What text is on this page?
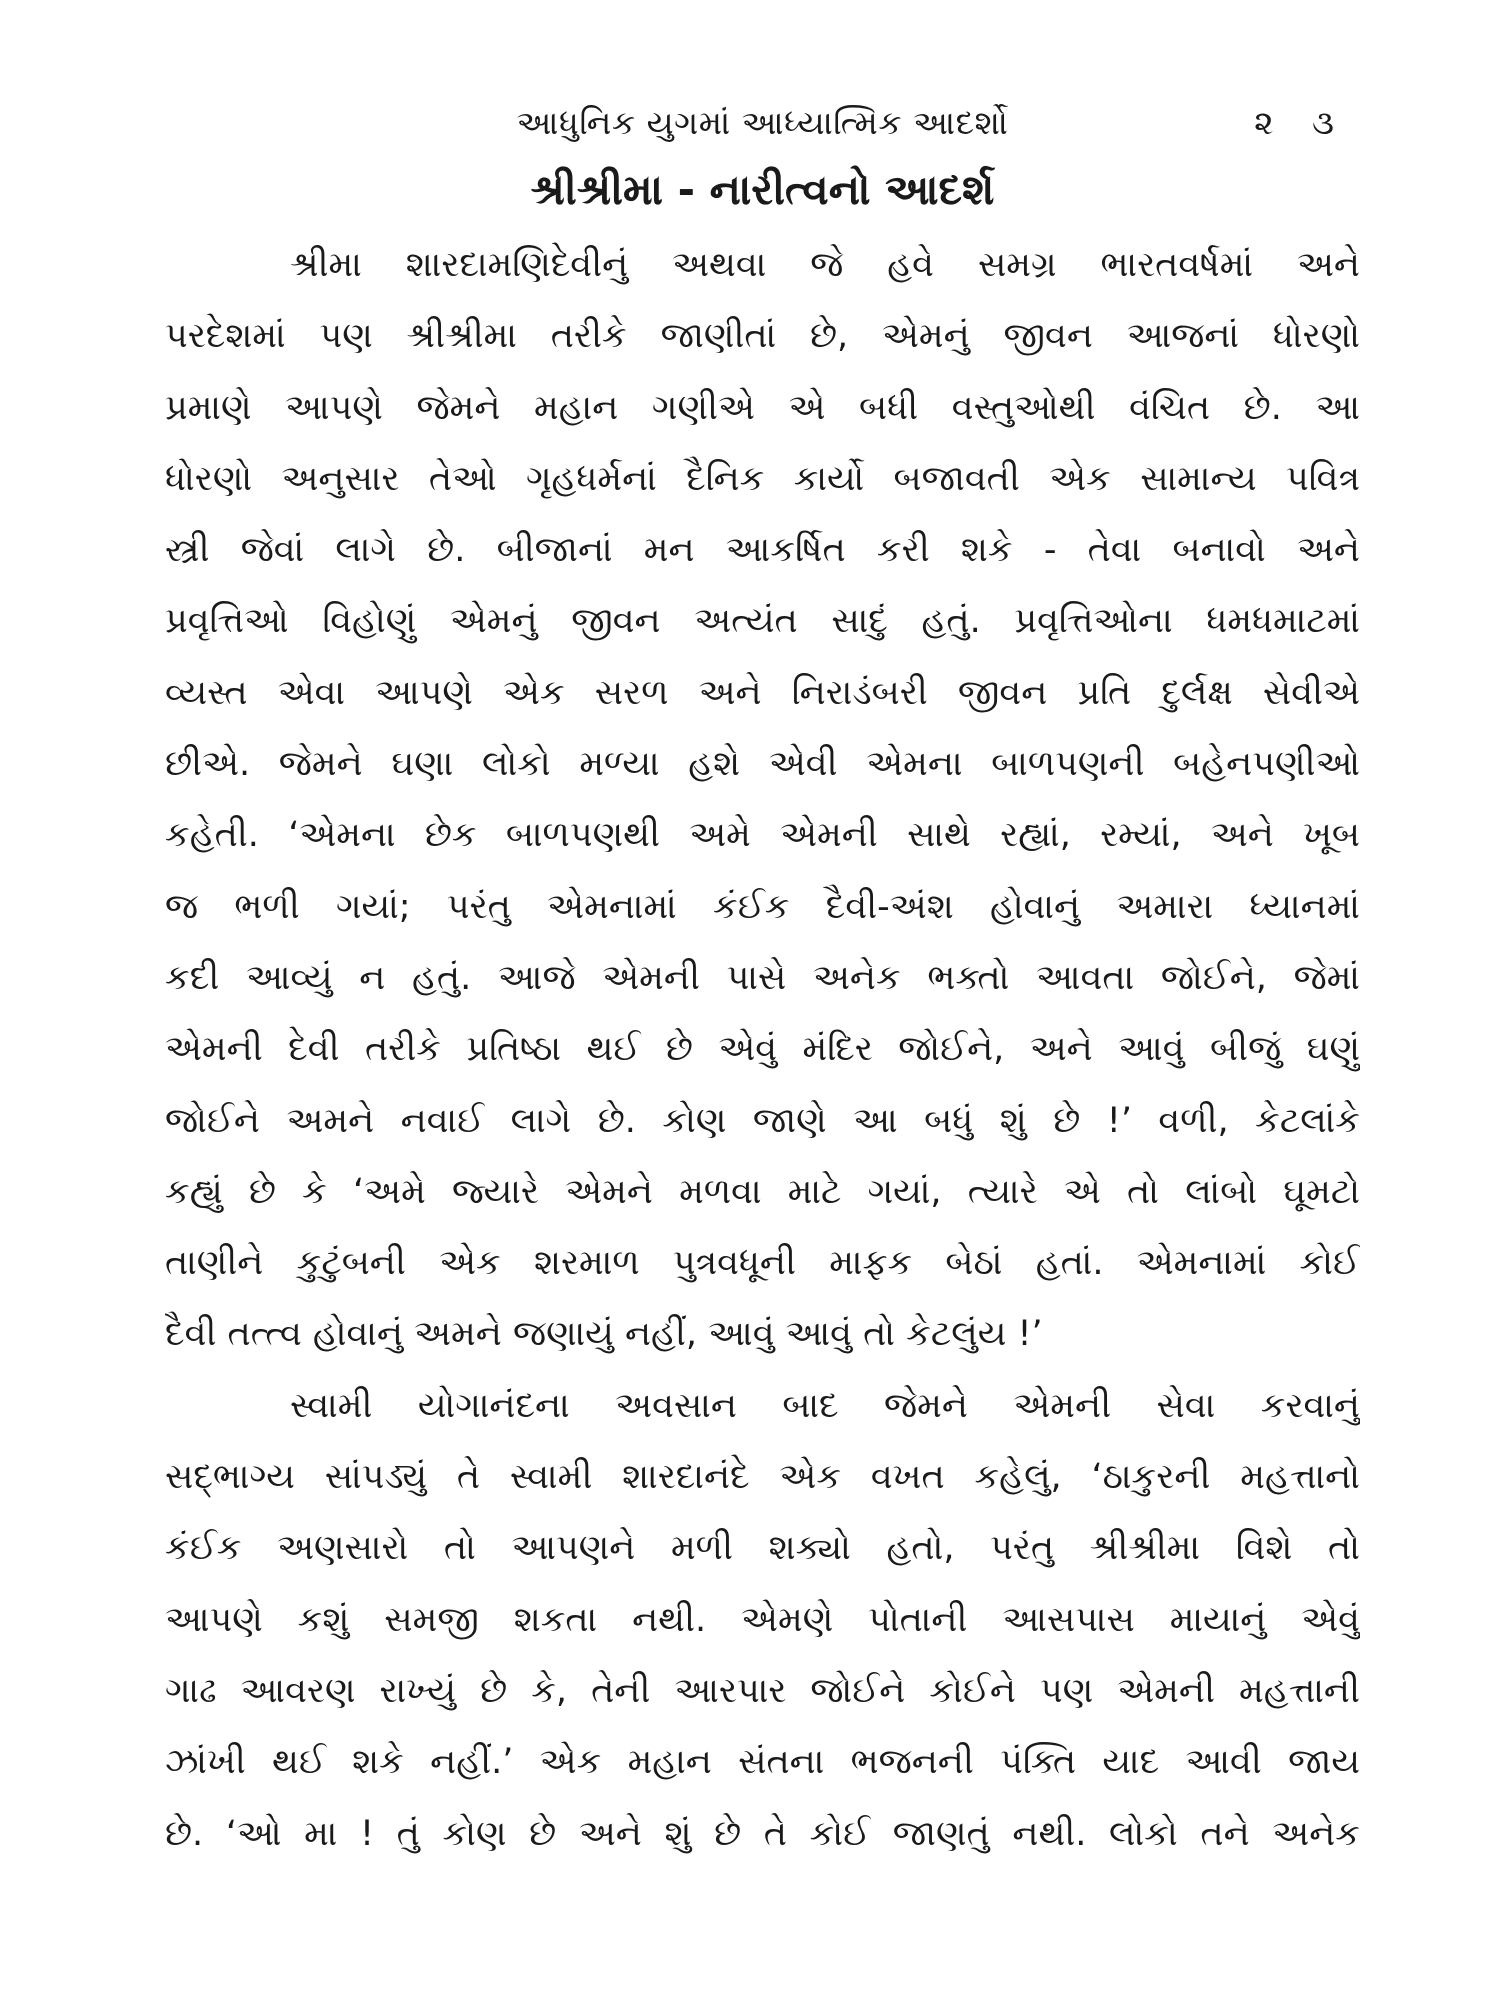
આધુનિક યુગમાં આધ્યાત્મિક આદર્શો	૨ ૩
શ્રીશ્રીમા - નારીત્વનો આદર્શ
શ્રીમા શારદામણિદેવીનું અથવા જે હવે સમગ્ર ભારતવર્ષમાં અને
પરદેશમાં પણ શ્રીશ્રીમા તરીકે જાણીતાં છે, એમનું જીવન આજનાં ધોરણો
પ્રમાણે આપણે જેમને મહાન ગણીએ એ બધી વસ્તુઓથી વંચિત છે. આ
ધોરણો અનુસાર તેઓ ગૃહધર્મનાં દૈનિક કાર્યો બજાવતી એક સામાન્ય પવિત્ર
સ્ત્રી જેવાં લાગે છે. બીજાનાં મન આકર્ષિત કરી શકે - તેવા બનાવો અને
પ્રવૃત્તિઓ વિહોણું એમનું જીવન અત્યંત સાદું હતું. પ્રવૃત્તિઓના ધમધમાટમાં
વ્યસ્ત એવા આપણે એક સરળ અને નિરાડંબરી જીવન પ્રતિ દુર્લક્ષ સેવીએ
છીએ. જેમને ઘણા લોકો મળ્યા હશે એવી એમના બાળપણની બહેનપણીઓ
કહેતી. ‘એમના છેક બાળપણથી અમે એમની સાથે રહ્યાં, રમ્યાં, અને ખૂબ
જ ભળી ગયાં; પરંતુ એમનામાં કંઈક દૈવી-અંશ હોવાનું અમારા ધ્યાનમાં
કદી આવ્યું ન હતું. આજે એમની પાસે અનેક ભક્તો આવતા જોઈને, જેમાં
એમની દેવી તરીકે પ્રતિષ્ઠા થઈ છે એવું મંદિર જોઈને, અને આવું બીજું ઘણું
જોઈને અમને નવાઈ લાગે છે. કોણ જાણે આ બધું શું છે !’ વળી, કેટલાંકે
કહ્યું છે કે ‘અમે જ્યારે એમને મળવા માટે ગયાં, ત્યારે એ તો લાંબો ઘૂમટો
તાણીને કુટુંબની એક શરમાળ પુત્રવધૂની માફક બેઠાં હતાં. એમનામાં કોઈ
દૈવી તત્ત્વ હોવાનું અમને જણાયું નહીં, આવું આવું તો કેટલુંય !’
સ્વામી યોગાનંદના અવસાન બાદ જેમને એમની સેવા કરવાનું
સદ્ભાગ્ય સાંપડ્યું તે સ્વામી શારદાનંદે એક વખત કહેલું, ‘ઠાકુરની મહત્તાનો
કંઈક અણસારો તો આપણને મળી શક્યો હતો, પરંતુ શ્રીશ્રીમા વિશે તો
આપણે કશું સમજી શકતા નથી. એમણે પોતાની આસપાસ માયાનું એવું
ગાઢ આવરણ રાખ્યું છે કે, તેની આરપાર જોઈને કોઈને પણ એમની મહત્તાની
ઝાંખી થઈ શકે નહીં.’ એક મહાન સંતના ભજનની પંક્તિ યાદ આવી જાય
છે. ‘ઓ મા ! તું કોણ છે અને શું છે તે કોઈ જાણતું નથી. લોકો તને અનેક
